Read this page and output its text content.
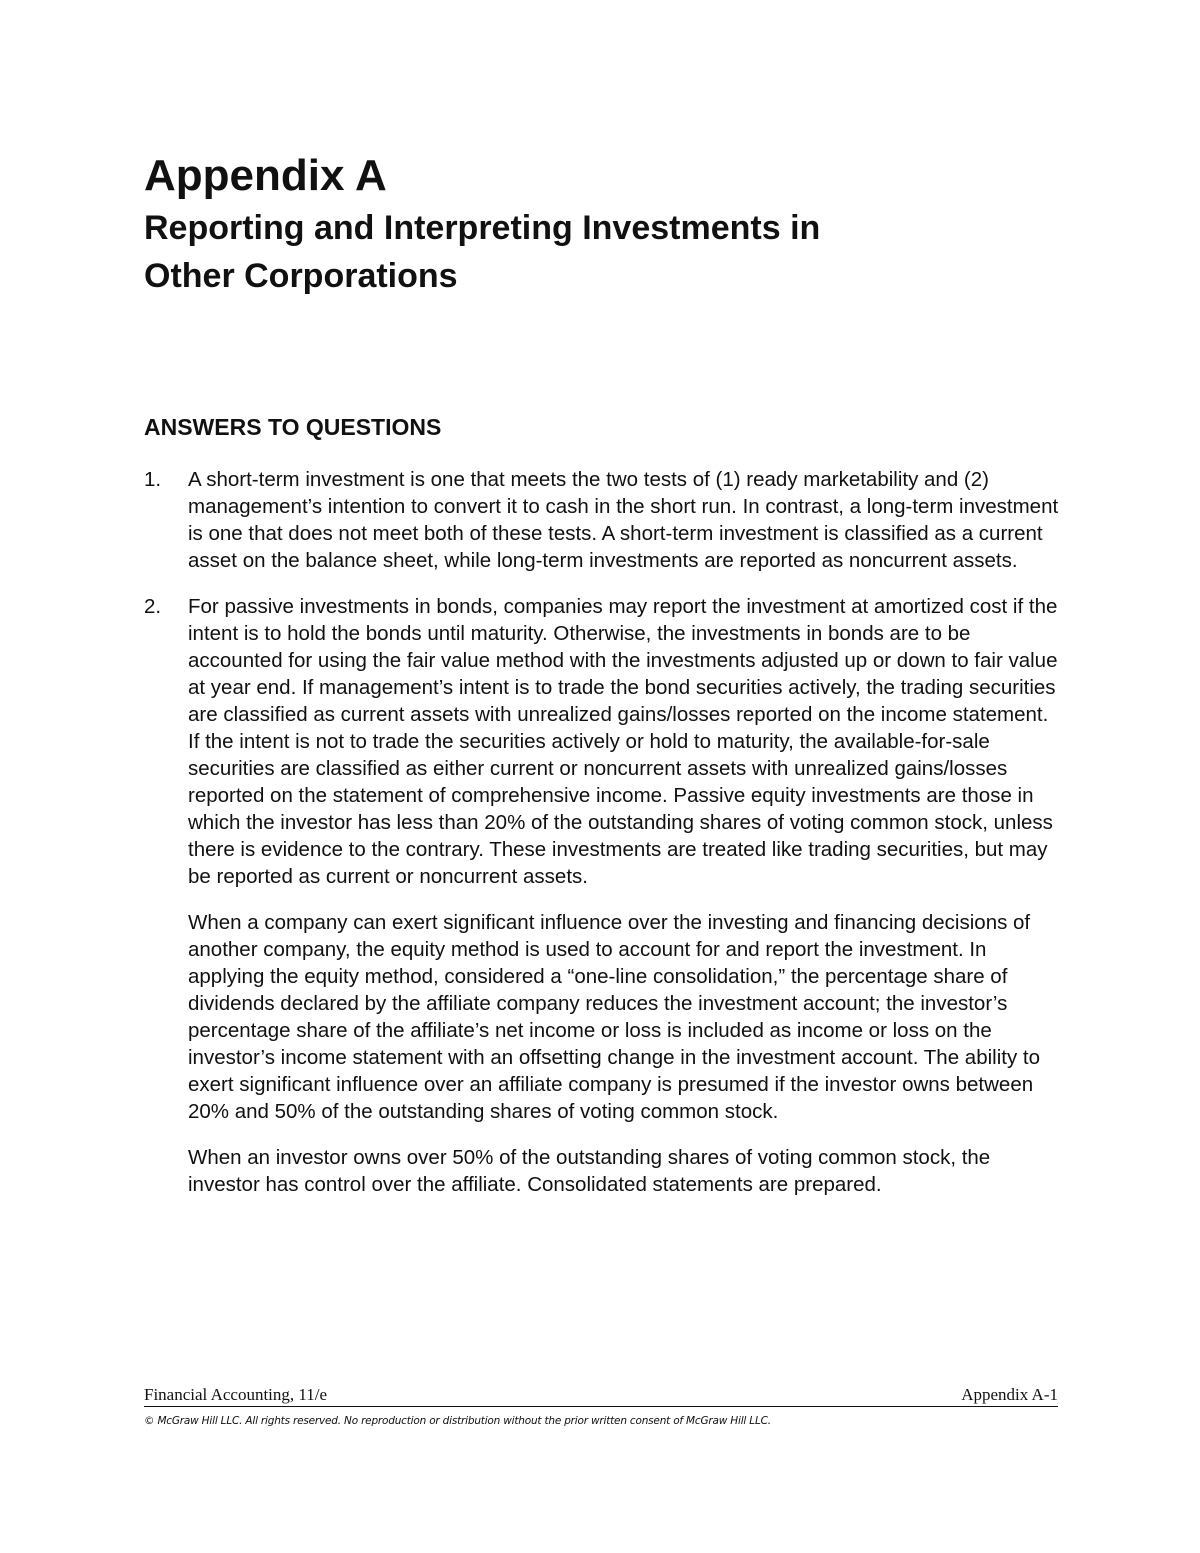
Appendix A
Reporting and Interpreting Investments in
Other Corporations
ANSWERS TO QUESTIONS
1. A short-term investment is one that meets the two tests of (1) ready marketability and (2) management’s intention to convert it to cash in the short run. In contrast, a long-term investment is one that does not meet both of these tests. A short-term investment is classified as a current asset on the balance sheet, while long-term investments are reported as noncurrent assets.

2. For passive investments in bonds, companies may report the investment at amortized cost if the intent is to hold the bonds until maturity. Otherwise, the investments in bonds are to be accounted for using the fair value method with the investments adjusted up or down to fair value at year end. If management’s intent is to trade the bond securities actively, the trading securities are classified as current assets with unrealized gains/losses reported on the income statement. If the intent is not to trade the securities actively or hold to maturity, the available-for-sale securities are classified as either current or noncurrent assets with unrealized gains/losses reported on the statement of comprehensive income. Passive equity investments are those in which the investor has less than 20% of the outstanding shares of voting common stock, unless there is evidence to the contrary. These investments are treated like trading securities, but may be reported as current or noncurrent assets.

When a company can exert significant influence over the investing and financing decisions of another company, the equity method is used to account for and report the investment. In applying the equity method, considered a “one-line consolidation,” the percentage share of dividends declared by the affiliate company reduces the investment account; the investor’s percentage share of the affiliate’s net income or loss is included as income or loss on the investor’s income statement with an offsetting change in the investment account. The ability to exert significant influence over an affiliate company is presumed if the investor owns between 20% and 50% of the outstanding shares of voting common stock.

When an investor owns over 50% of the outstanding shares of voting common stock, the investor has control over the affiliate. Consolidated statements are prepared.

Financial Accounting, 11/e	Appendix A-1
© McGraw Hill LLC. All rights reserved. No reproduction or distribution without the prior written consent of McGraw Hill LLC.
